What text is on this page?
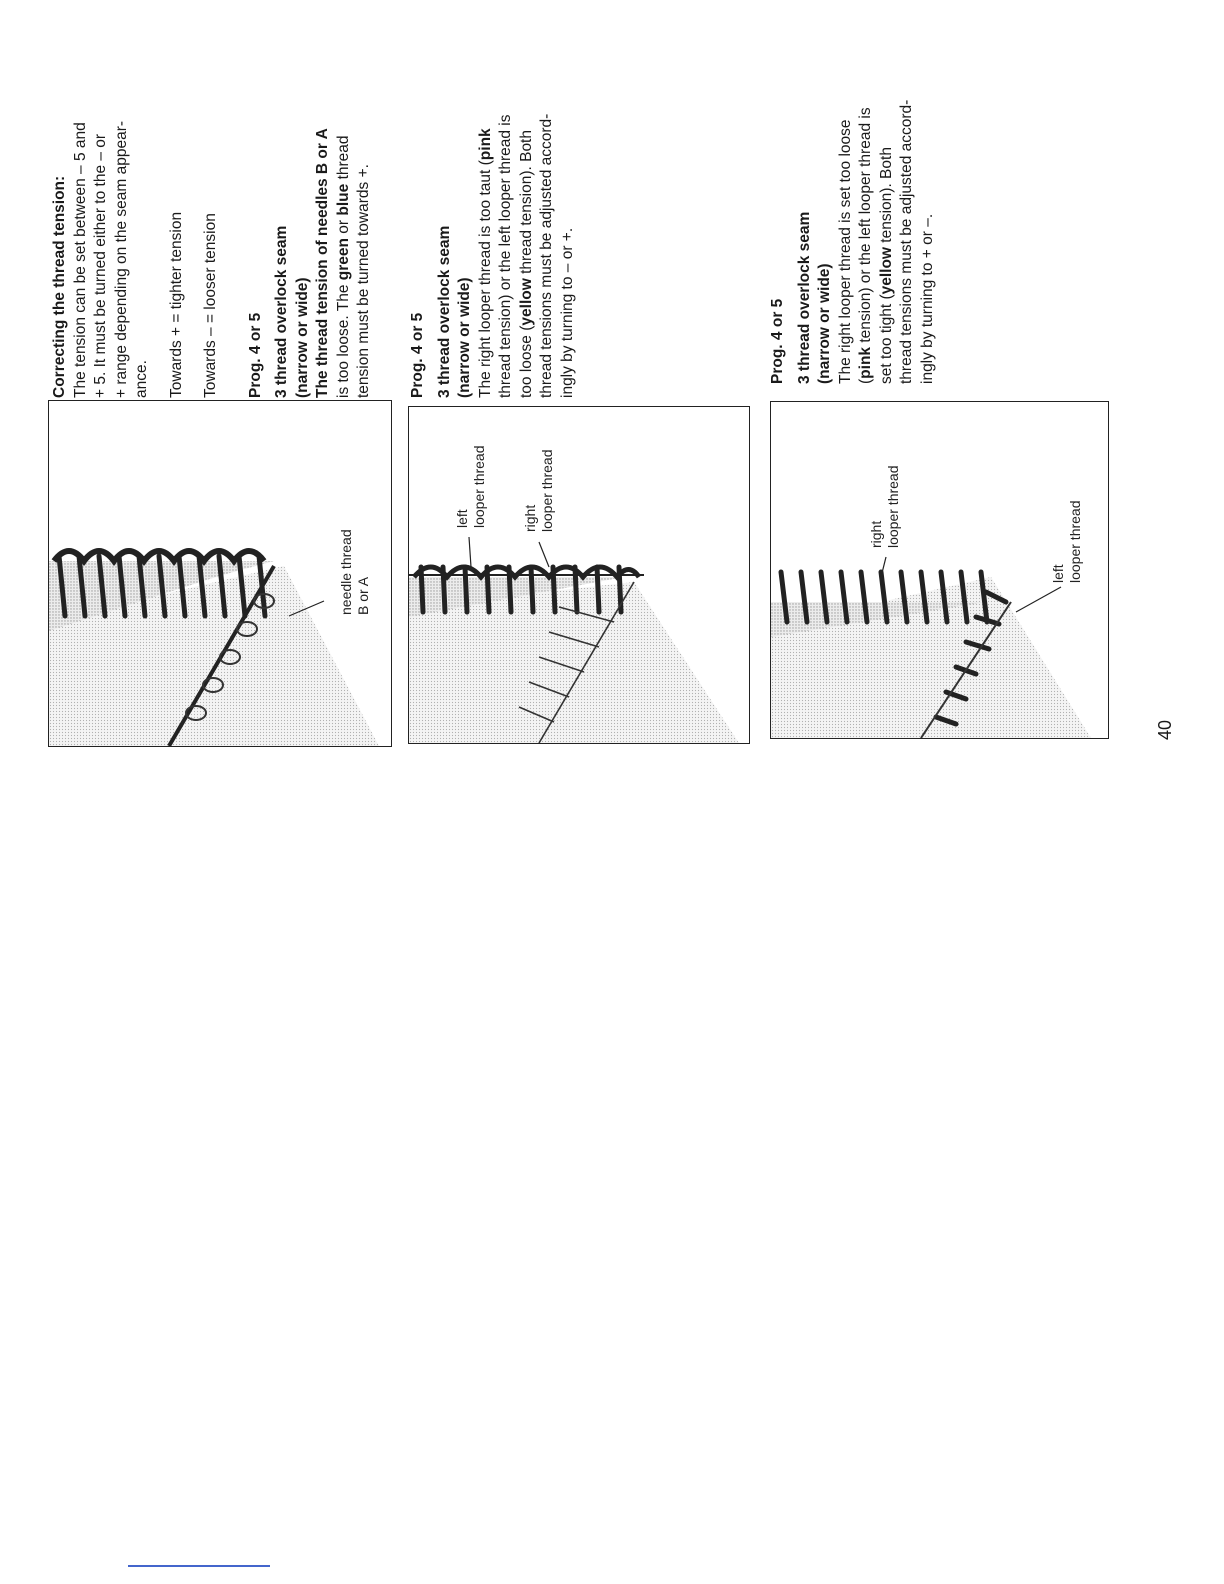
Correcting the thread tension: The tension can be set between – 5 and + 5. It must be turned either to the – or + range depending on the seam appear- ance. Towards + = tighter tension Towards – = looser tension Prog. 4 or 5 3 thread overlock seam (narrow or wide) The thread tension of needles B or A is too loose. The green or blue thread

tension must be turned towards +. Prog. 4 or 5 3 thread overlock seam (narrow or wide) The right looper thread is too taut (pink thread tension) or the left looper thread is too loose (yellow thread tension). Both thread tensions must be adjusted accord- ingly by turning to – or +.	Prog. 4 or 5 3 thread overlock seam (narrow or wide) The right looper thread is set too loose (pink tension) or the left looper thread is set too tight (yellow tension). Both thread tensions must be adjusted accord- ingly by turning to + or –.

needle thread B or A
left looper thread	right looper thread
right looper thread
left looper thread
40
